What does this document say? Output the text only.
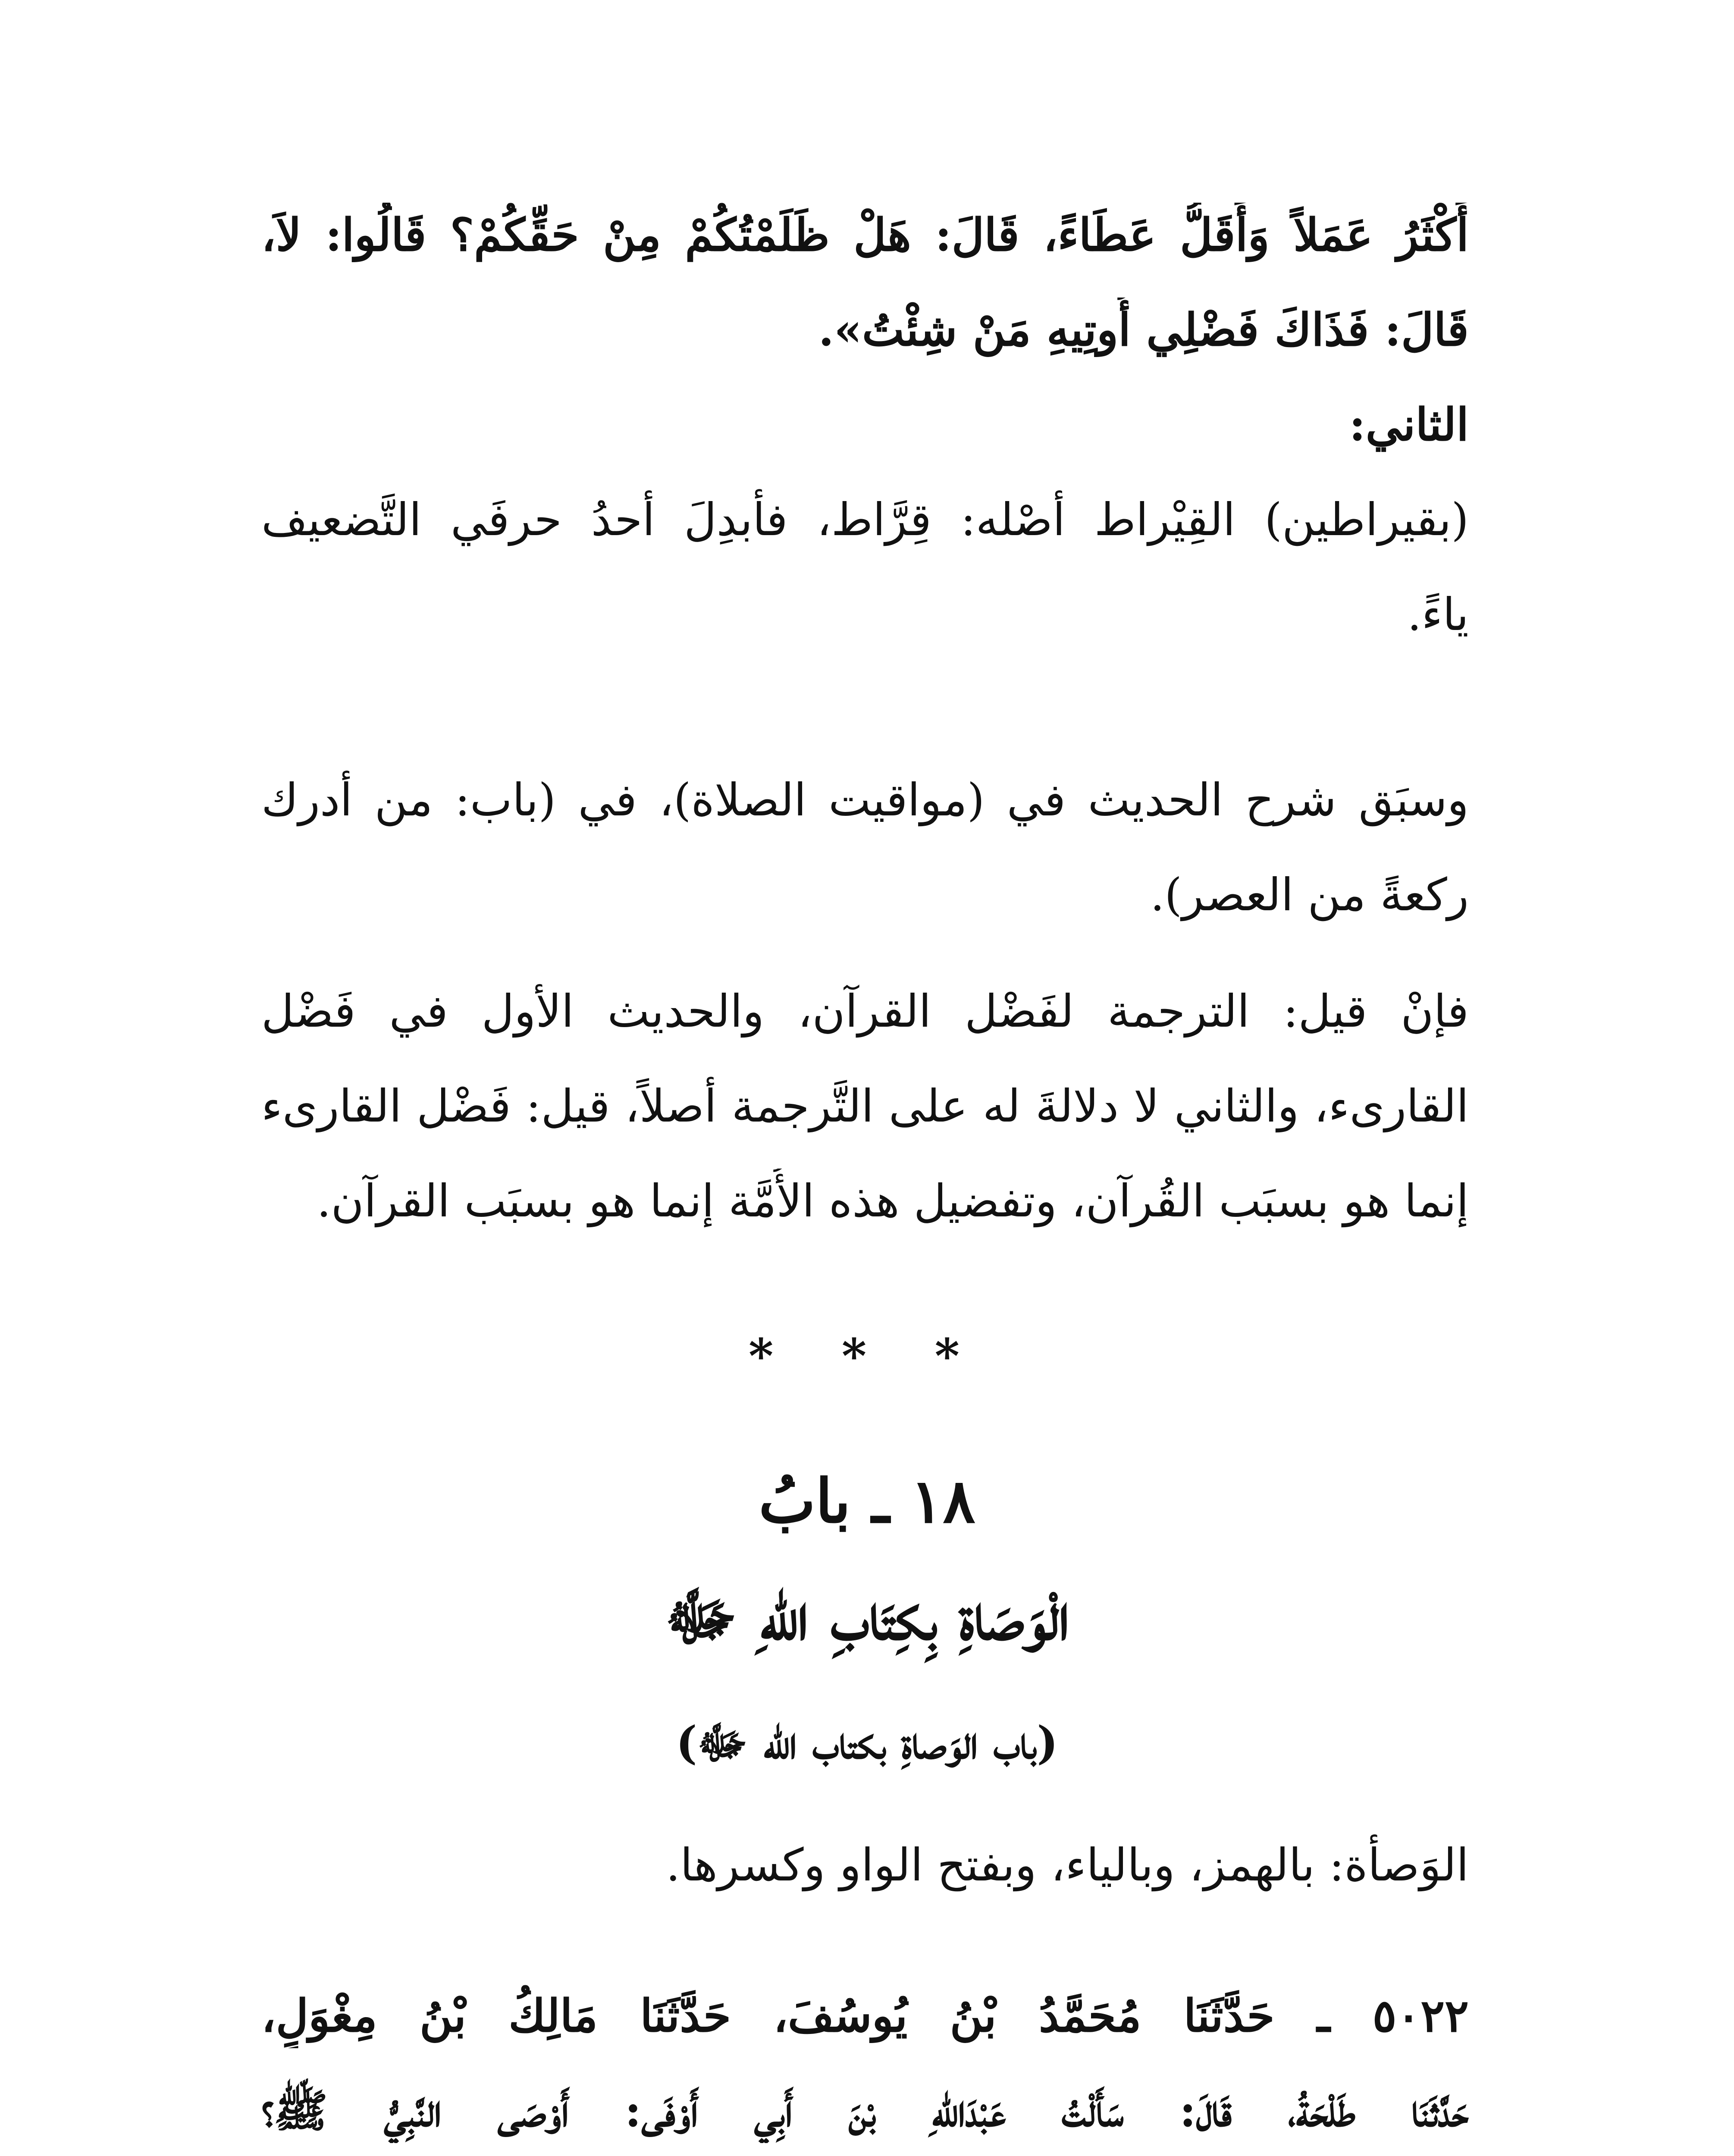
أَكْثَرُ عَمَلاً وَأَقَلُّ عَطَاءً، قَالَ: هَلْ ظَلَمْتُكُمْ مِنْ حَقِّكُمْ؟ قَالُوا: لاَ،
قَالَ: فَذَاكَ فَضْلِي أُوتِيهِ مَنْ شِئْتُ».
الثاني:
(بقيراطين) القِيْراط أصْله: قِرَّاط، فأُبدِلَ أحدُ حرفَي التَّضعيف
ياءً.
وسبَق شرح الحديث في (مواقيت الصلاة)، في (باب: من أدرك
ركعةً من العصر).
فإنْ قيل: الترجمة لفَضْل القرآن، والحديث الأول في فَضْل
القارىء، والثاني لا دلالةَ له على التَّرجمة أصلاً، قيل: فَضْل القارىء
إنما هو بسبَب القُرآن، وتفضيل هذه الأُمَّة إنما هو بسبَب القرآن.
* * *
١٨ ـ بابُ
الْوَصَاةِ بِكِتَابِ اللهِ ﷻ
(باب الوَصاةِ بكتاب الله ﷻ)
الوَصأَة: بالهمز، وبالياء، وبفتح الواو وكسرها.
٥٠٢٢ ـ حَدَّثَنَا مُحَمَّدُ بْنُ يُوسُفَ، حَدَّثَنَا مَالِكُ بْنُ مِغْوَلٍ،
حَدَّثَنَا طَلْحَةُ، قَالَ: سَأَلْتُ عَبْدَاللهِ بْنَ أَبِي أَوْفَى: أَوْصَى النَّبِيُّ ﷺ؟
